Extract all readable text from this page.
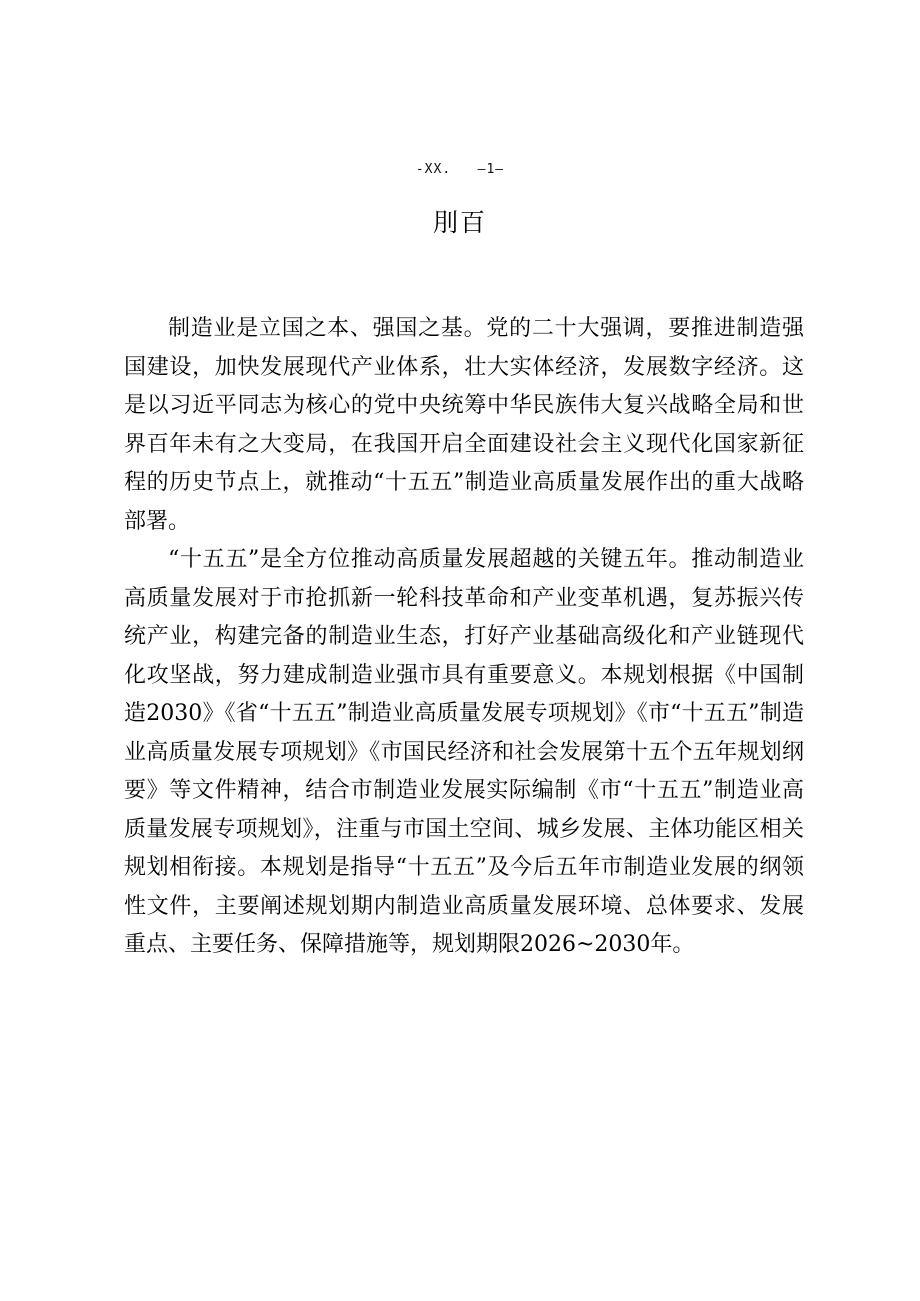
-XX.   —1—
刖百

制造业是立国之本、强国之基。党的二十大强调，要推进制造强国建设，加快发展现代产业体系，壮大实体经济，发展数字经济。这是以习近平同志为核心的党中央统筹中华民族伟大复兴战略全局和世界百年未有之大变局，在我国开启全面建设社会主义现代化国家新征程的历史节点上，就推动“十五五”制造业高质量发展作出的重大战略部署。

“十五五”是全方位推动高质量发展超越的关键五年。推动制造业高质量发展对于市抢抓新一轮科技革命和产业变革机遇，复苏振兴传统产业，构建完备的制造业生态，打好产业基础高级化和产业链现代化攻坚战，努力建成制造业强市具有重要意义。本规划根据《中国制造2030》《省“十五五”制造业高质量发展专项规划》《市“十五五”制造业高质量发展专项规划》《市国民经济和社会发展第十五个五年规划纲要》等文件精神，结合市制造业发展实际编制《市“十五五”制造业高质量发展专项规划》，注重与市国土空间、城乡发展、主体功能区相关规划相衔接。本规划是指导“十五五”及今后五年市制造业发展的纲领性文件，主要阐述规划期内制造业高质量发展环境、总体要求、发展重点、主要任务、保障措施等，规划期限2026~2030年。
